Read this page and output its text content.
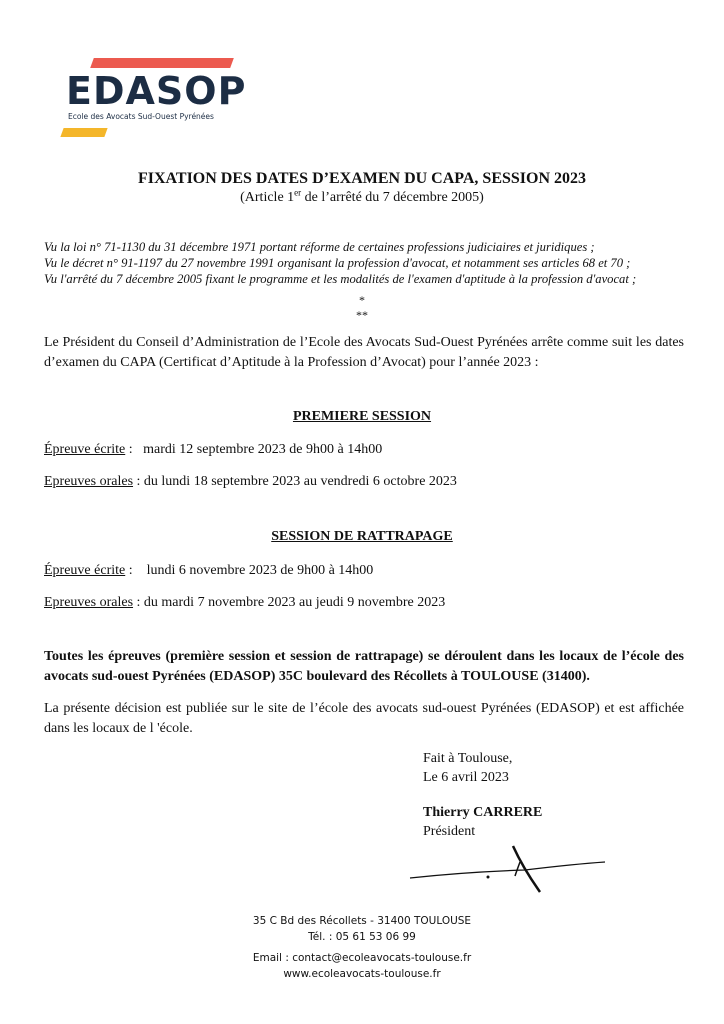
EDASOP
Ecole des Avocats Sud-Ouest Pyrénées
FIXATION DES DATES D’EXAMEN DU CAPA, SESSION 2023
(Article 1er de l’arrêté du 7 décembre 2005)
Vu la loi n° 71-1130 du 31 décembre 1971 portant réforme de certaines professions judiciaires et juridiques ;
Vu le décret n° 91-1197 du 27 novembre 1991 organisant la profession d'avocat, et notamment ses articles 68 et 70 ;
Vu l'arrêté du 7 décembre 2005 fixant le programme et les modalités de l'examen d'aptitude à la profession d'avocat ;
*
**
Le Président du Conseil d’Administration de l’Ecole des Avocats Sud-Ouest Pyrénées arrête comme suit les dates d’examen du CAPA (Certificat d’Aptitude à la Profession d’Avocat) pour l’année 2023 :
PREMIERE SESSION
Épreuve écrite :   mardi 12 septembre 2023 de 9h00 à 14h00
Epreuves orales : du lundi 18 septembre 2023 au vendredi 6 octobre 2023
SESSION DE RATTRAPAGE
Épreuve écrite :    lundi 6 novembre 2023 de 9h00 à 14h00
Epreuves orales : du mardi 7 novembre 2023 au jeudi 9 novembre 2023
Toutes les épreuves (première session et session de rattrapage) se déroulent dans les locaux de l’école des avocats sud-ouest Pyrénées (EDASOP) 35C boulevard des Récollets à TOULOUSE (31400).
La présente décision est publiée sur le site de l’école des avocats sud-ouest Pyrénées (EDASOP) et est affichée dans les locaux de l 'école.
Fait à Toulouse,
Le 6 avril 2023
Thierry CARRERE
Président
35 C Bd des Récollets - 31400 TOULOUSE
Tél. : 05 61 53 06 99
Email : contact@ecoleavocats-toulouse.fr
www.ecoleavocats-toulouse.fr
